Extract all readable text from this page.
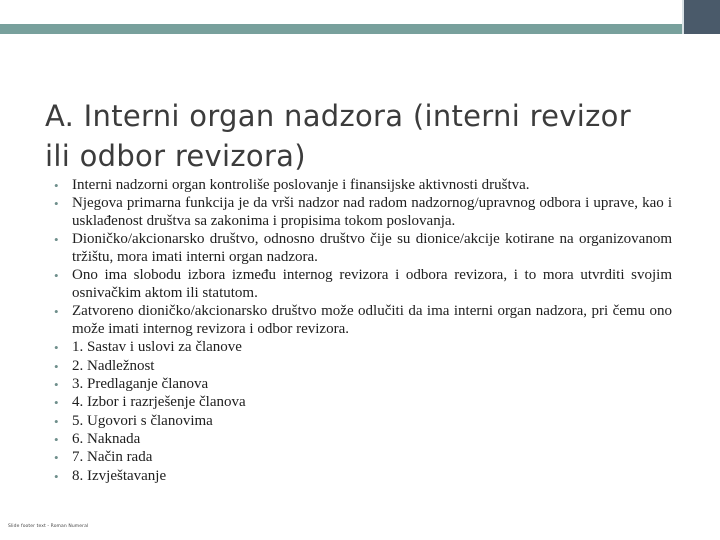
A. Interni organ nadzora (interni revizor ili odbor revizora)
• Interni nadzorni organ kontroliše poslovanje i finansijske aktivnosti društva.
• Njegova primarna funkcija je da vrši nadzor nad radom nadzornog/upravnog odbora i uprave, kao i usklađenost društva sa zakonima i propisima tokom poslovanja.
• Dioničko/akcionarsko društvo, odnosno društvo čije su dionice/akcije kotirane na organizovanom tržištu, mora imati interni organ nadzora.
• Ono ima slobodu izbora između internog revizora i odbora revizora, i to mora utvrditi svojim osnivačkim aktom ili statutom.
• Zatvoreno dioničko/akcionarsko društvo može odlučiti da ima interni organ nadzora, pri čemu ono može imati internog revizora i odbor revizora.
• 1. Sastav i uslovi za članove
• 2. Nadležnost
• 3. Predlaganje članova
• 4. Izbor i razrješenje članova
• 5. Ugovori s članovima
• 6. Naknada
• 7. Način rada
• 8. Izvještavanje
Slide footer text - Roman Numeral
